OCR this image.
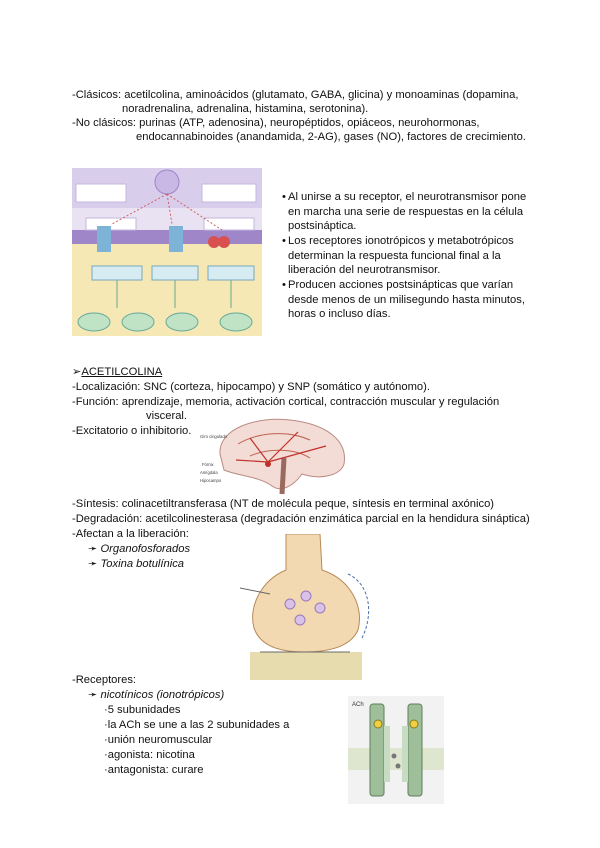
-Clásicos: acetilcolina, aminoácidos (glutamato, GABA, glicina) y monoaminas (dopamina,
noradrenalina, adrenalina, histamina, serotonina).
-No clásicos: purinas (ATP, adenosina), neuropéptidos, opiáceos, neurohormonas,
endocannabinoides (anandamida, 2-AG), gases (NO), factores de crecimiento.
• Al unirse a su receptor, el neurotransmisor pone en marcha una serie de respuestas en la célula postsináptica.
• Los receptores ionotrópicos y metabotrópicos determinan la respuesta funcional final a la liberación del neurotransmisor.
• Producen acciones postsinápticas que varían desde menos de un milisegundo hasta minutos, horas o incluso días.
➢ACETILCOLINA
-Localización: SNC (corteza, hipocampo) y SNP (somático y autónomo).
-Función: aprendizaje, memoria, activación cortical, contracción muscular y regulación
visceral.
-Excitatorio o inhibitorio. Giro cingulado
Fórnix
Amígdala
Hipocampo
-Síntesis: colinacetiltransferasa (NT de molécula peque, síntesis en terminal axónico)
-Degradación: acetilcolinesterasa (degradación enzimática parcial en la hendidura sináptica)
-Afectan a la liberación:
➛ Organofosforados
➛ Toxina botulínica
-Receptores:
➛ nicotínicos (ionotrópicos)
·5 subunidades
·la ACh se une a las 2 subunidades a
·unión neuromuscular
·agonista: nicotina
·antagonista: curare
ACh
